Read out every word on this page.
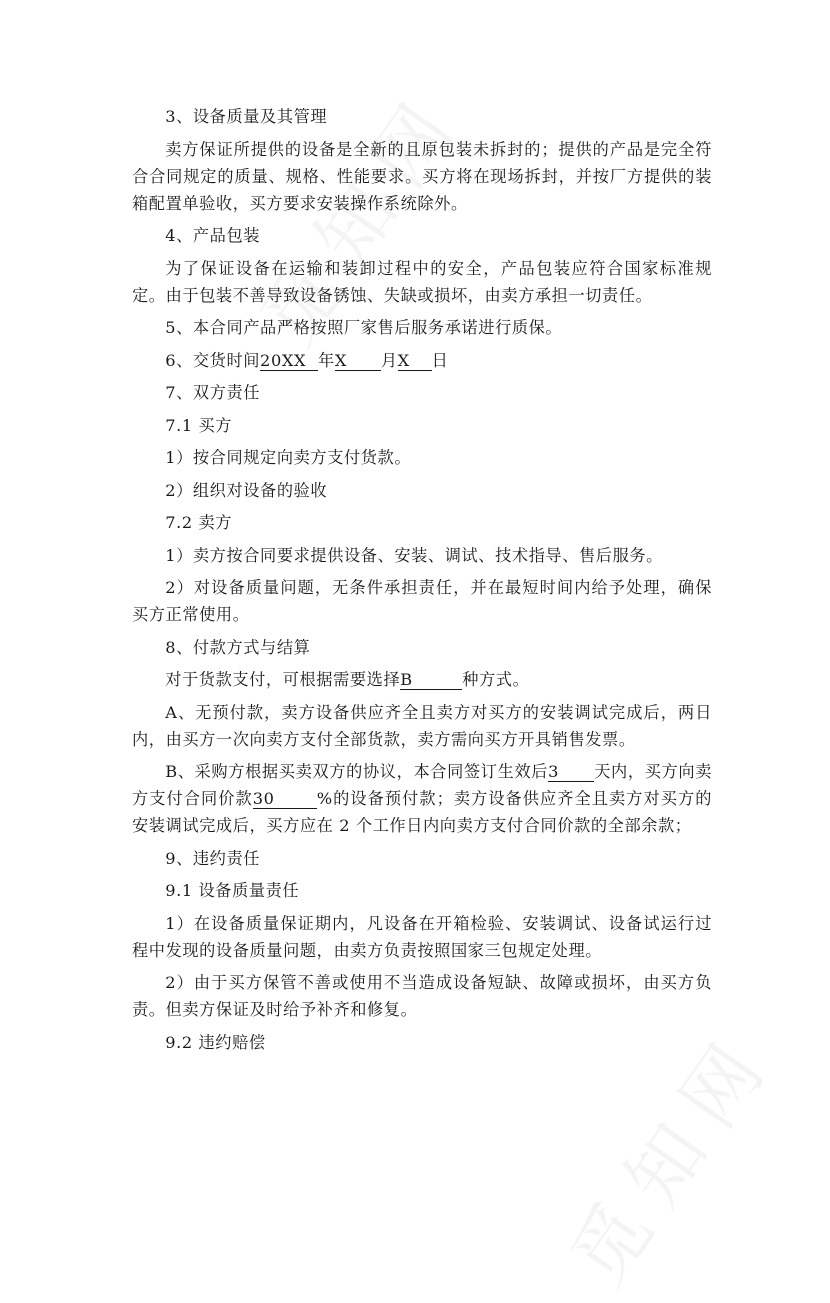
3、设备质量及其管理

卖方保证所提供的设备是全新的且原包装未拆封的；提供的产品是完全符合合同规定的质量、规格、性能要求。买方将在现场拆封，并按厂方提供的装箱配置单验收，买方要求安装操作系统除外。

4、产品包装

为了保证设备在运输和装卸过程中的安全，产品包装应符合国家标准规定。由于包装不善导致设备锈蚀、失缺或损坏，由卖方承担一切责任。

5、本合同产品严格按照厂家售后服务承诺进行质保。

6、交货时间20XX 年X 月X 日

7、双方责任

7.1 买方

1）按合同规定向卖方支付货款。

2）组织对设备的验收

7.2 卖方

1）卖方按合同要求提供设备、安装、调试、技术指导、售后服务。

2）对设备质量问题，无条件承担责任，并在最短时间内给予处理，确保买方正常使用。

8、付款方式与结算

对于货款支付，可根据需要选择B	种方式。

A、无预付款，卖方设备供应齐全且卖方对买方的安装调试完成后，两日内，由买方一次向卖方支付全部货款，卖方需向买方开具销售发票。

B、采购方根据买卖双方的协议，本合同签订生效后3 天内，买方向卖方支付合同价款30	%的设备预付款；卖方设备供应齐全且卖方对买方的安装调试完成后，买方应在 2 个工作日内向卖方支付合同价款的全部余款；

9、违约责任

9.1 设备质量责任

1）在设备质量保证期内，凡设备在开箱检验、安装调试、设备试运行过程中发现的设备质量问题，由卖方负责按照国家三包规定处理。

2）由于买方保管不善或使用不当造成设备短缺、故障或损坏，由买方负责。但卖方保证及时给予补齐和修复。

9.2 违约赔偿
